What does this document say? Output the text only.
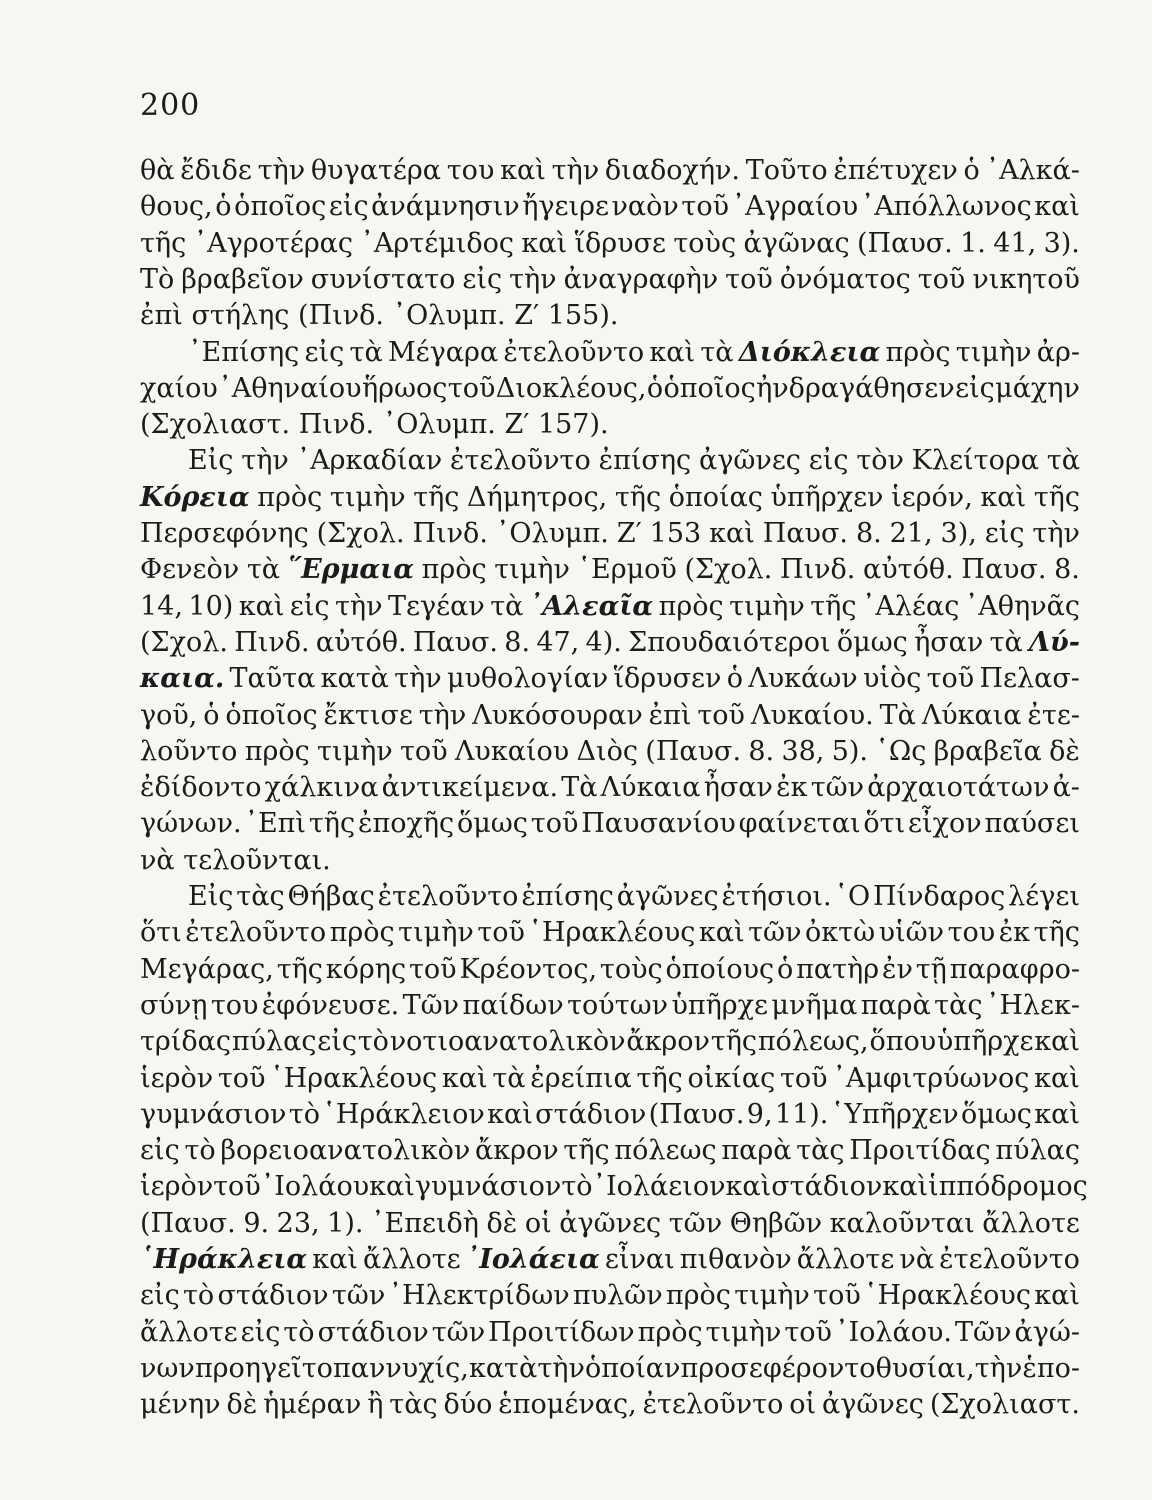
200
θὰ ἔδιδε τὴν θυγατέρα του καὶ τὴν διαδοχήν. Τοῦτο ἐπέτυχεν ὁ ᾿Αλκά-
θους, ὁ ὁποῖος εἰς ἀνάμνησιν ἤγειρε ναὸν τοῦ ᾿Αγραίου ᾿Απόλλωνος καὶ
τῆς ᾿Αγροτέρας ᾿Αρτέμιδος καὶ ἵδρυσε τοὺς ἀγῶνας (Παυσ. 1. 41, 3).
Τὸ βραβεῖον συνίστατο εἰς τὴν ἀναγραφὴν τοῦ ὀνόματος τοῦ νικητοῦ
ἐπὶ στήλης (Πινδ. ᾿Ολυμπ. Ζ′ 155).
᾿Επίσης εἰς τὰ Μέγαρα ἐτελοῦντο καὶ τὰ Διόκλεια πρὸς τιμὴν ἀρ-
χαίου ᾿Αθηναίου ἥρωος τοῦ Διοκλέους, ὁ ὁποῖος ἠνδραγάθησεν εἰς μάχην
(Σχολιαστ. Πινδ. ᾿Ολυμπ. Ζ′ 157).
Εἰς τὴν ᾿Αρκαδίαν ἐτελοῦντο ἐπίσης ἀγῶνες εἰς τὸν Κλείτορα τὰ
Κόρεια πρὸς τιμὴν τῆς Δήμητρος, τῆς ὁποίας ὑπῆρχεν ἱερόν, καὶ τῆς
Περσεφόνης (Σχολ. Πινδ. ᾿Ολυμπ. Ζ′ 153 καὶ Παυσ. 8. 21, 3), εἰς τὴν
Φενεὸν τὰ ῞Ερμαια πρὸς τιμὴν ῾Ερμοῦ (Σχολ. Πινδ. αὐτόθ. Παυσ. 8.
14, 10) καὶ εἰς τὴν Τεγέαν τὰ ᾿Αλεαῖα πρὸς τιμὴν τῆς ᾿Αλέας ᾿Αθηνᾶς
(Σχολ. Πινδ. αὐτόθ. Παυσ. 8. 47, 4). Σπουδαιότεροι ὅμως ἦσαν τὰ Λύ-
καια. Ταῦτα κατὰ τὴν μυθολογίαν ἵδρυσεν ὁ Λυκάων υἱὸς τοῦ Πελασ-
γοῦ, ὁ ὁποῖος ἔκτισε τὴν Λυκόσουραν ἐπὶ τοῦ Λυκαίου. Τὰ Λύκαια ἐτε-
λοῦντο πρὸς τιμὴν τοῦ Λυκαίου Διὸς (Παυσ. 8. 38, 5). ῾Ως βραβεῖα δὲ
ἐδίδοντο χάλκινα ἀντικείμενα. Τὰ Λύκαια ἦσαν ἐκ τῶν ἀρχαιοτάτων ἀ-
γώνων. ᾿Επὶ τῆς ἐποχῆς ὅμως τοῦ Παυσανίου φαίνεται ὅτι εἶχον παύσει
νὰ τελοῦνται.
Εἰς τὰς Θήβας ἐτελοῦντο ἐπίσης ἀγῶνες ἐτήσιοι. ῾Ο Πίνδαρος λέγει
ὅτι ἐτελοῦντο πρὸς τιμὴν τοῦ ῾Ηρακλέους καὶ τῶν ὀκτὼ υἱῶν του ἐκ τῆς
Μεγάρας, τῆς κόρης τοῦ Κρέοντος, τοὺς ὁποίους ὁ πατὴρ ἐν τῇ παραφρο-
σύνῃ του ἐφόνευσε. Τῶν παίδων τούτων ὑπῆρχε μνῆμα παρὰ τὰς ᾿Ηλεκ-
τρίδας πύλας εἰς τὸ νοτιοανατολικὸν ἄκρον τῆς πόλεως, ὅπου ὑπῆρχε καὶ
ἱερὸν τοῦ ῾Ηρακλέους καὶ τὰ ἐρείπια τῆς οἰκίας τοῦ ᾿Αμφιτρύωνος καὶ
γυμνάσιον τὸ ῾Ηράκλειον καὶ στάδιον (Παυσ. 9, 11). ῾Υπῆρχεν ὅμως καὶ
εἰς τὸ βορειοανατολικὸν ἄκρον τῆς πόλεως παρὰ τὰς Προιτίδας πύλας
ἱερὸν τοῦ ᾿Ιολάου καὶ γυμνάσιον τὸ ᾿Ιολάειον καὶ στάδιον καὶ ἱππόδρομος
(Παυσ. 9. 23, 1). ᾿Επειδὴ δὲ οἱ ἀγῶνες τῶν Θηβῶν καλοῦνται ἄλλοτε
῾Ηράκλεια καὶ ἄλλοτε ᾿Ιολάεια εἶναι πιθανὸν ἄλλοτε νὰ ἐτελοῦντο
εἰς τὸ στάδιον τῶν ᾿Ηλεκτρίδων πυλῶν πρὸς τιμὴν τοῦ ῾Ηρακλέους καὶ
ἄλλοτε εἰς τὸ στάδιον τῶν Προιτίδων πρὸς τιμὴν τοῦ ᾿Ιολάου. Τῶν ἀγώ-
νων προηγεῖτο παννυχίς, κατὰ τὴν ὁποίαν προσεφέροντο θυσίαι, τὴν ἑπο-
μένην δὲ ἡμέραν ἢ τὰς δύο ἑπομένας, ἐτελοῦντο οἱ ἀγῶνες (Σχολιαστ.
